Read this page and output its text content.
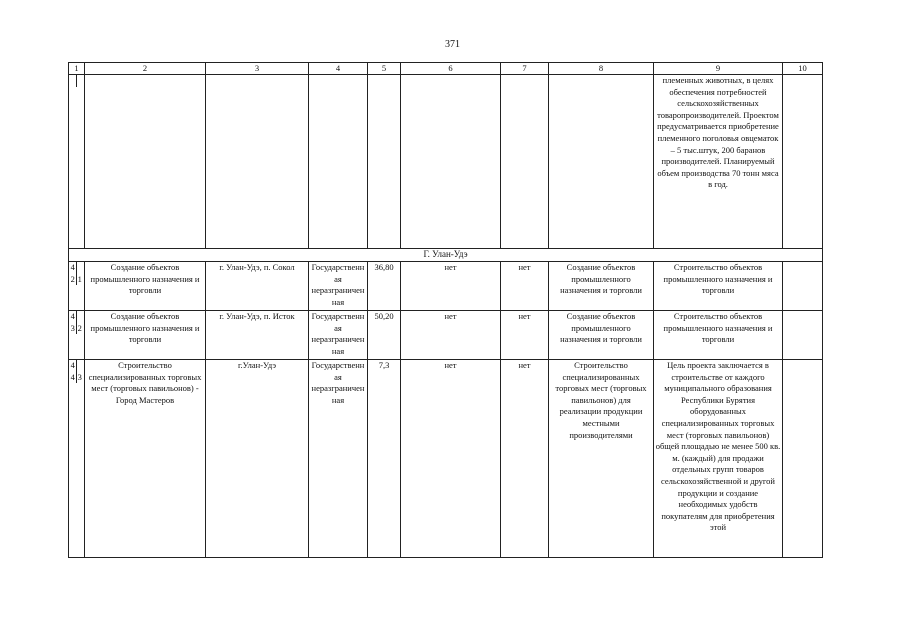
371
1	2	3	4	5	6	7	8	9	10
								племенных животных, в целях обеспечения потребностей сельскохозяйственных товаропроизводителей. Проектом предусматривается приобретение племенного поголовья овцематок – 5 тыс.штук, 200 баранов производителей. Планируемый объем производства 70 тонн мяса в год.	
Г. Улан-Удэ									
42 1	Создание объектов промышленного назначения и торговли	г. Улан-Удэ, п. Сокол	Государственная неразграниченная	36,80	нет	нет	Создание объектов промышленного назначения и торговли	Строительство объектов промышленного назначения и торговли	
43 2	Создание объектов промышленного назначения и торговли	г. Улан-Удэ, п. Исток	Государственная неразграниченная	50,20	нет	нет	Создание объектов промышленного назначения и торговли	Строительство объектов промышленного назначения и торговли	
44 3	Строительство специализированных торговых мест (торговых павильонов) - Город Мастеров	г.Улан-Удэ	Государственная неразграниченная	7,3	нет	нет	Строительство специализированных торговых мест (торговых павильонов) для реализации продукции местными производителями	Цель проекта заключается в строительстве от каждого муниципального образования Республики Бурятия оборудованных специализированных торговых мест (торговых павильонов) общей площадью не менее 500 кв. м. (каждый) для продажи отдельных групп товаров сельскохозяйственной и другой продукции и создание необходимых удобств покупателям для приобретения этой	
